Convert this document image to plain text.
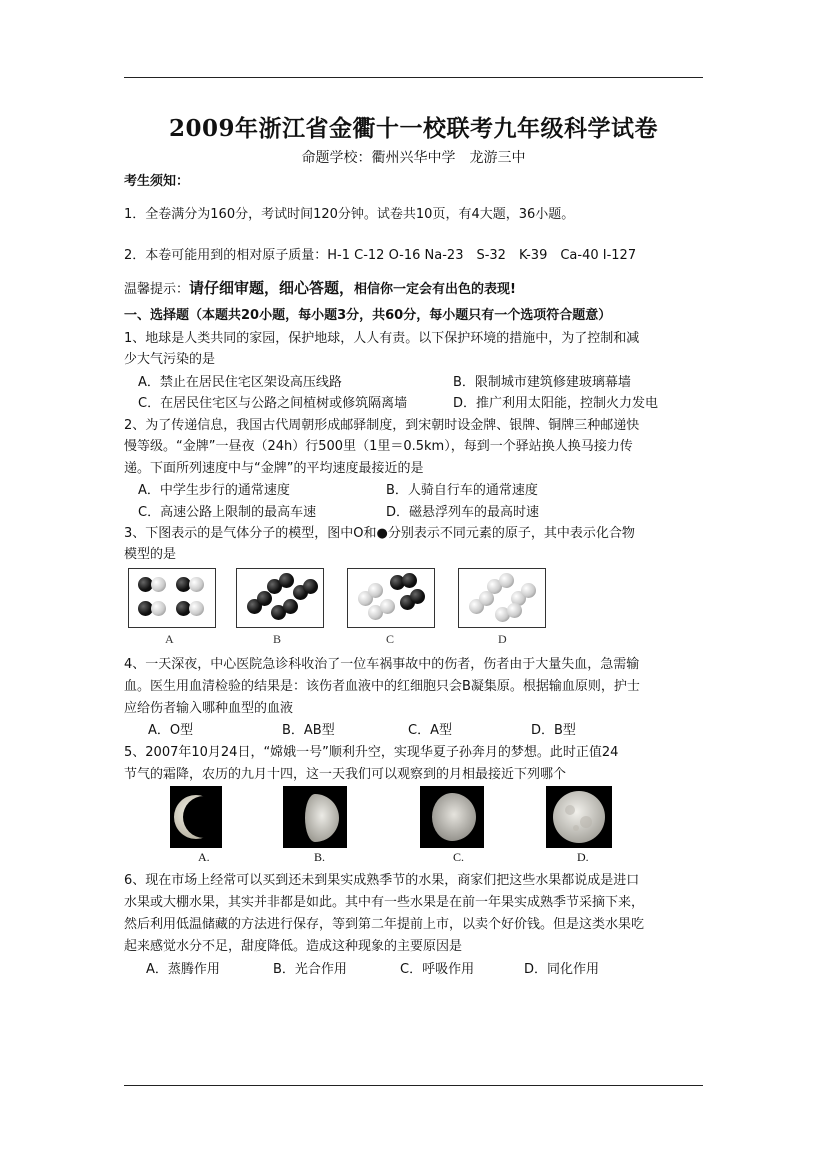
2009年浙江省金衢十一校联考九年级科学试卷
命题学校：衢州兴华中学　龙游三中
考生须知：
1．全卷满分为160分，考试时间120分钟。试卷共10页，有4大题，36小题。
2．本卷可能用到的相对原子质量：H-1 C-12 O-16 Na-23　S-32　K-39　Ca-40 I-127
温馨提示：请仔细审题，细心答题，相信你一定会有出色的表现!
一、选择题（本题共20小题，每小题3分，共60分，每小题只有一个选项符合题意）
1、地球是人类共同的家园，保护地球，人人有责。以下保护环境的措施中，为了控制和减
少大气污染的是
A．禁止在居民住宅区架设高压线路	B．限制城市建筑修建玻璃幕墙
C．在居民住宅区与公路之间植树或修筑隔离墙	D．推广利用太阳能，控制火力发电
2、为了传递信息，我国古代周朝形成邮驿制度，到宋朝时设金牌、银牌、铜牌三种邮递快
慢等级。“金牌”一昼夜（24h）行500里（1里＝0.5km），每到一个驿站换人换马接力传
递。下面所列速度中与“金牌”的平均速度最接近的是
A．中学生步行的通常速度	B．人骑自行车的通常速度
C．高速公路上限制的最高车速	D．磁悬浮列车的最高时速
3、下图表示的是气体分子的模型，图中O和●分别表示不同元素的原子，其中表示化合物
模型的是
A	B	C	D
4、一天深夜，中心医院急诊科收治了一位车祸事故中的伤者，伤者由于大量失血，急需输
血。医生用血清检验的结果是：该伤者血液中的红细胞只会B凝集原。根据输血原则，护士
应给伤者输入哪种血型的血液
A．O型	B．AB型	C．A型	D．B型
5、2007年10月24日，“嫦娥一号”顺利升空，实现华夏子孙奔月的梦想。此时正值24
节气的霜降，农历的九月十四，这一天我们可以观察到的月相最接近下列哪个
A.	B.	C.	D.
6、现在市场上经常可以买到还未到果实成熟季节的水果，商家们把这些水果都说成是进口
水果或大棚水果，其实并非都是如此。其中有一些水果是在前一年果实成熟季节采摘下来，
然后利用低温储藏的方法进行保存，等到第二年提前上市，以卖个好价钱。但是这类水果吃
起来感觉水分不足，甜度降低。造成这种现象的主要原因是
A．蒸腾作用	B．光合作用	C．呼吸作用	D．同化作用
